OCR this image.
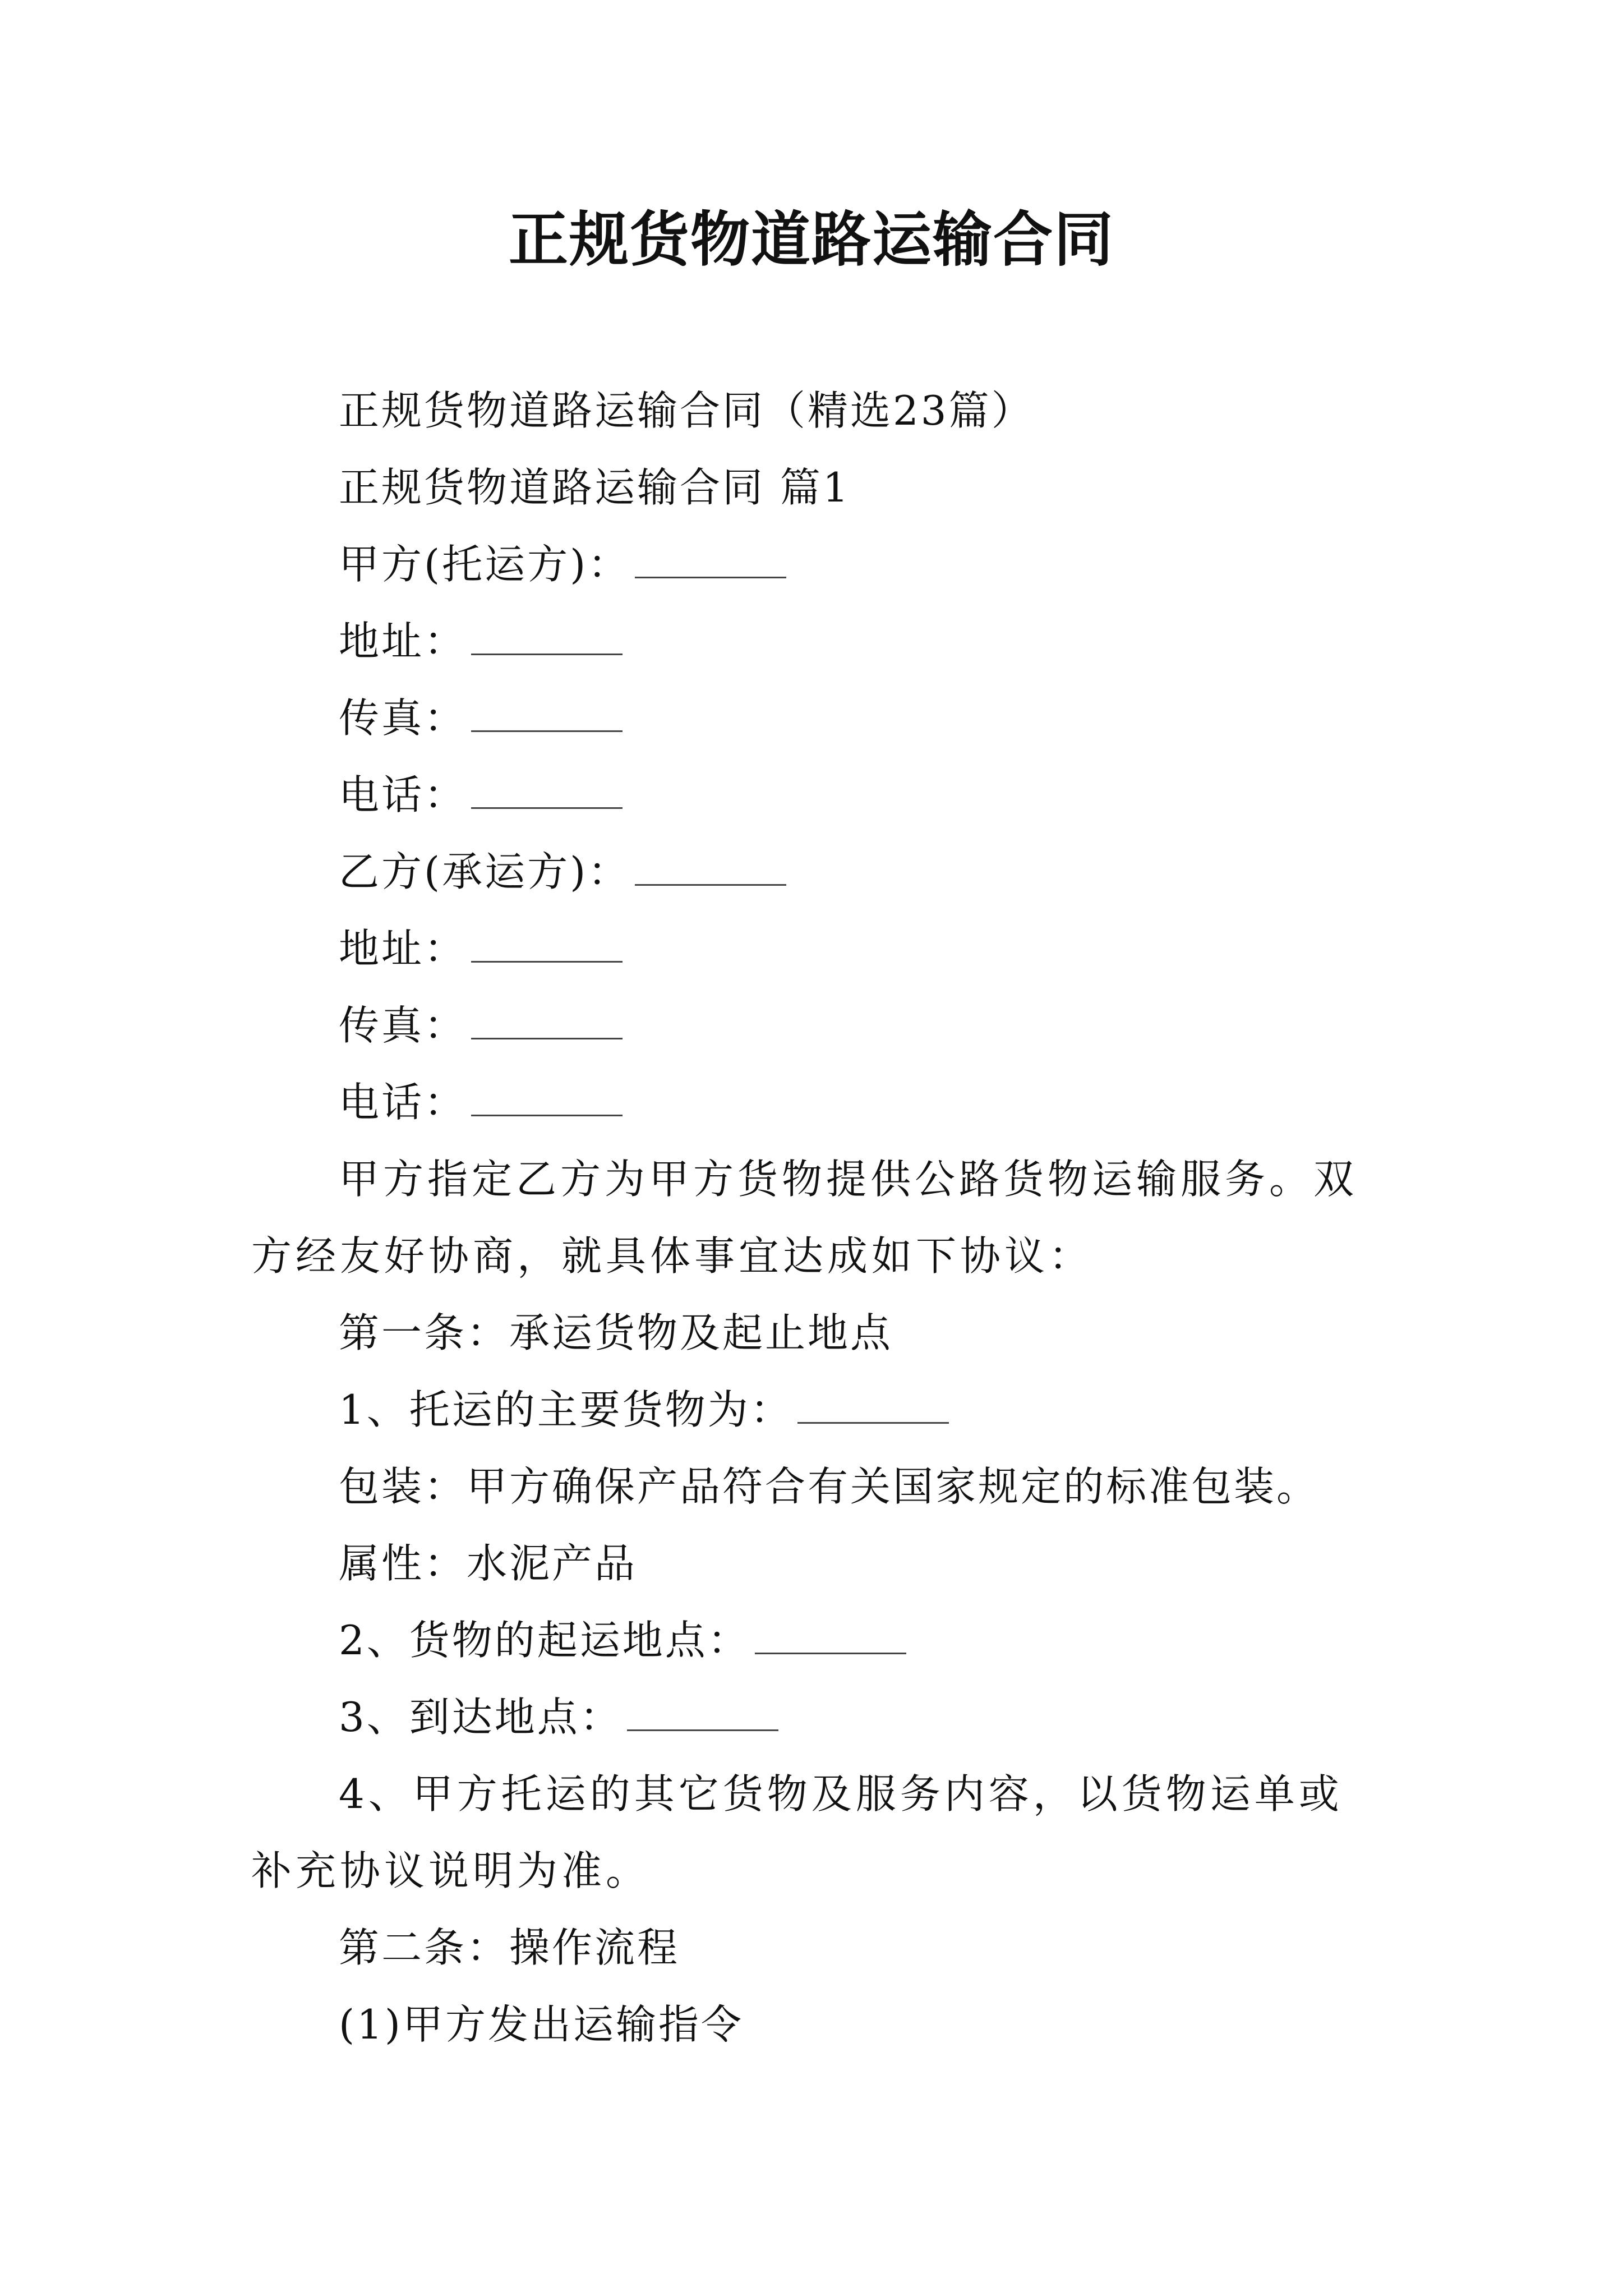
正规货物道路运输合同
正规货物道路运输合同（精选23篇）
正规货物道路运输合同 篇1
甲方(托运方)：
地址：
传真：
电话：
乙方(承运方)：
地址：
传真：
电话：
甲方指定乙方为甲方货物提供公路货物运输服务。双方经友好协商，就具体事宜达成如下协议：
第一条：承运货物及起止地点
1、托运的主要货物为：
包装：甲方确保产品符合有关国家规定的标准包装。
属性：水泥产品
2、货物的起运地点：
3、到达地点：
4、甲方托运的其它货物及服务内容，以货物运单或补充协议说明为准。
第二条：操作流程
(1)甲方发出运输指令
